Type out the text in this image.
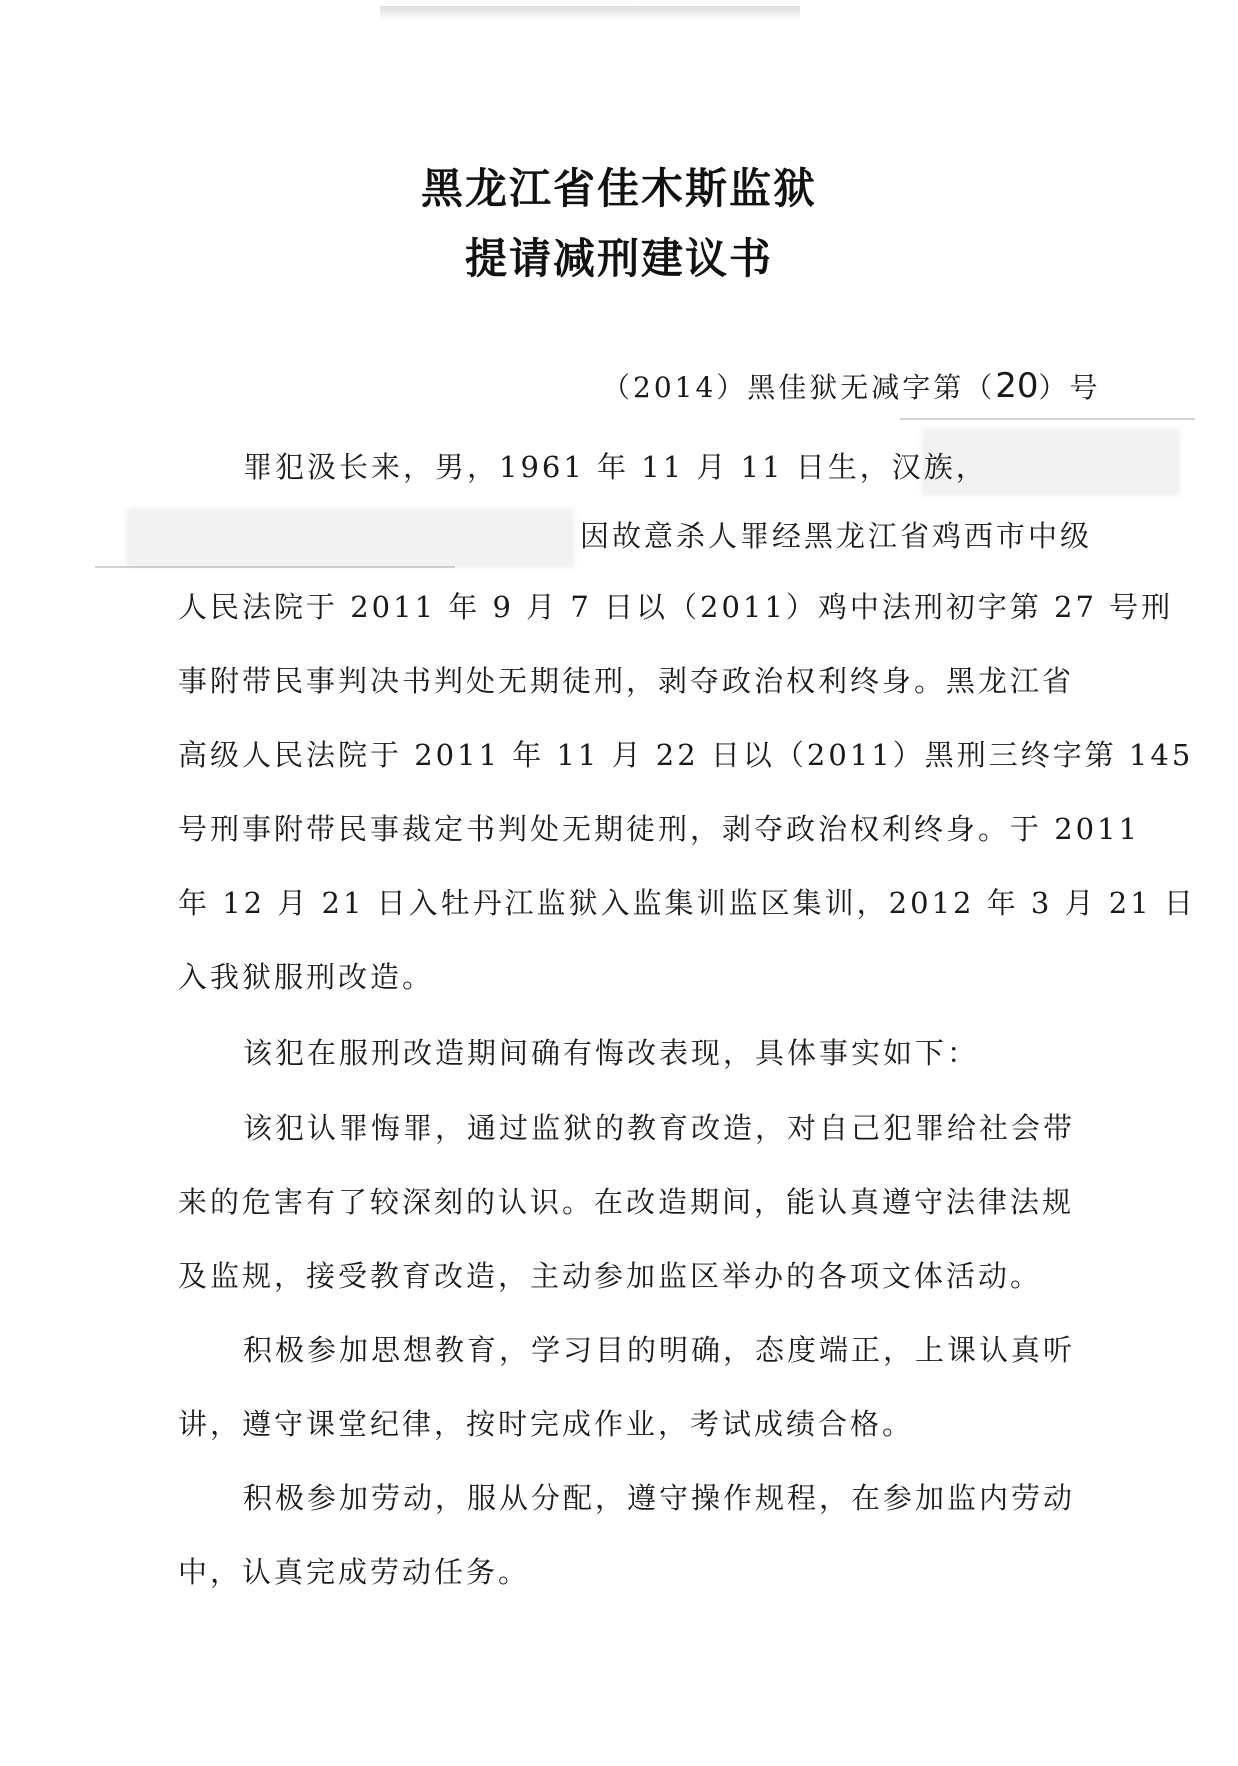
黑龙江省佳木斯监狱
提请减刑建议书
（2014）黑佳狱无减字第（20）号
罪犯汲长来，男，1961 年 11 月 11 日生，汉族，
因故意杀人罪经黑龙江省鸡西市中级
人民法院于 2011 年 9 月 7 日以（2011）鸡中法刑初字第 27 号刑
事附带民事判决书判处无期徒刑，剥夺政治权利终身。黑龙江省
高级人民法院于 2011 年 11 月 22 日以（2011）黑刑三终字第 145
号刑事附带民事裁定书判处无期徒刑，剥夺政治权利终身。于 2011
年 12 月 21 日入牡丹江监狱入监集训监区集训，2012 年 3 月 21 日
入我狱服刑改造。
该犯在服刑改造期间确有悔改表现，具体事实如下：
该犯认罪悔罪，通过监狱的教育改造，对自己犯罪给社会带
来的危害有了较深刻的认识。在改造期间，能认真遵守法律法规
及监规，接受教育改造，主动参加监区举办的各项文体活动。
积极参加思想教育，学习目的明确，态度端正，上课认真听
讲，遵守课堂纪律，按时完成作业，考试成绩合格。
积极参加劳动，服从分配，遵守操作规程，在参加监内劳动
中，认真完成劳动任务。
